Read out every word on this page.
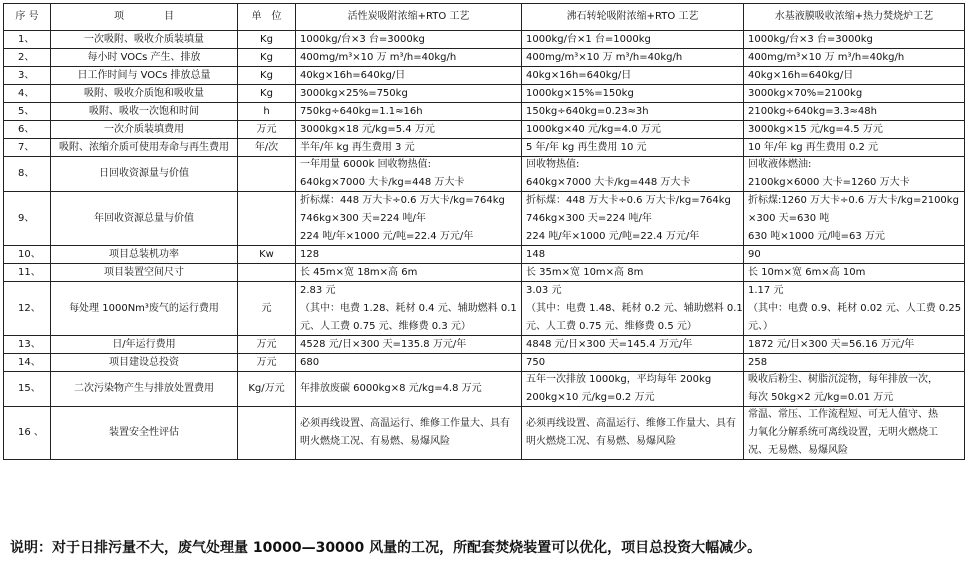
序 号	项　　　　目	单　位	活性炭吸附浓缩+RTO 工艺	沸石转轮吸附浓缩+RTO 工艺	水基液膜吸收浓缩+热力焚烧炉工艺
1、	一次吸附、吸收介质装填量	Kg	1000kg/台×3 台=3000kg	1000kg/台×1 台=1000kg	1000kg/台×3 台=3000kg

2、	每小时 VOCs 产生、排放	Kg	400mg/m³×10 万 m³/h=40kg/h	400mg/m³×10 万 m³/h=40kg/h	400mg/m³×10 万 m³/h=40kg/h

3、	日工作时间与 VOCs 排放总量	Kg	40kg×16h=640kg/日	40kg×16h=640kg/日	40kg×16h=640kg/日

4、	吸附、吸收介质饱和吸收量	Kg	3000kg×25%=750kg	1000kg×15%=150kg	3000kg×70%=2100kg

5、	吸附、吸收一次饱和时间	h	750kg÷640kg=1.1≈16h	150kg÷640kg=0.23≈3h	2100kg÷640kg=3.3≈48h

6、	一次介质装填费用	万元	3000kg×18 元/kg=5.4 万元	1000kg×40 元/kg=4.0 万元	3000kg×15 元/kg=4.5 万元

7、	吸附、浓缩介质可使用寿命与再生费用	年/次	半年/年 kg 再生费用 3 元	5 年/年 kg 再生费用 10 元	10 年/年 kg 再生费用 0.2 元

8、	日回收资源量与价值		一年用量 6000k 回收物热值:
640kg×7000 大卡/kg=448 万大卡	回收物热值:
640kg×7000 大卡/kg=448 万大卡	回收液体燃油:
2100kg×6000 大卡=1260 万大卡

9、	年回收资源总量与价值		折标煤：448 万大卡÷0.6 万大卡/kg=764kg
746kg×300 天=224 吨/年
224 吨/年×1000 元/吨=22.4 万元/年	折标煤：448 万大卡÷0.6 万大卡/kg=764kg
746kg×300 天=224 吨/年
224 吨/年×1000 元/吨=22.4 万元/年	折标煤:1260 万大卡÷0.6 万大卡/kg=2100kg
×300 天=630 吨
630 吨×1000 元/吨=63 万元

10、	项目总装机功率	Kw	128	148	90

11、	项目装置空间尺寸		长 45m×宽 18m×高 6m	长 35m×宽 10m×高 8m	长 10m×宽 6m×高 10m

12、	每处理 1000Nm³废气的运行费用	元	2.83 元
（其中：电费 1.28、耗材 0.4 元、辅助燃料 0.1
元、人工费 0.75 元、维修费 0.3 元）	3.03 元
（其中：电费 1.48、耗材 0.2 元、辅助燃料 0.1
元、人工费 0.75 元、维修费 0.5 元）	1.17 元
（其中：电费 0.9、耗材 0.02 元、人工费 0.25
元、）

13、	日/年运行费用	万元	4528 元/日×300 天=135.8 万元/年	4848 元/日×300 天=145.4 万元/年	1872 元/日×300 天=56.16 万元/年

14、	项目建设总投资	万元	680	750	258

15、	二次污染物产生与排放处置费用	Kg/万元	年排放废碳 6000kg×8 元/kg=4.8 万元	五年一次排放 1000kg，平均每年 200kg
200kg×10 元/kg=0.2 万元	吸收后粉尘、树脂沉淀物，每年排放一次，
每次 50kg×2 元/kg=0.01 万元

16 、	装置安全性评估		必须再线设置、高温运行、维修工作量大、具有
明火燃烧工况、有易燃、易爆风险	必须再线设置、高温运行、维修工作量大、具有
明火燃烧工况、有易燃、易爆风险	常温、常压、工作流程短、可无人值守、热
力氧化分解系统可离线设置，无明火燃烧工
况、无易燃、易爆风险
说明：对于日排污量不大，废气处理量 10000—30000 风量的工况，所配套焚烧装置可以优化，项目总投资大幅减少。
